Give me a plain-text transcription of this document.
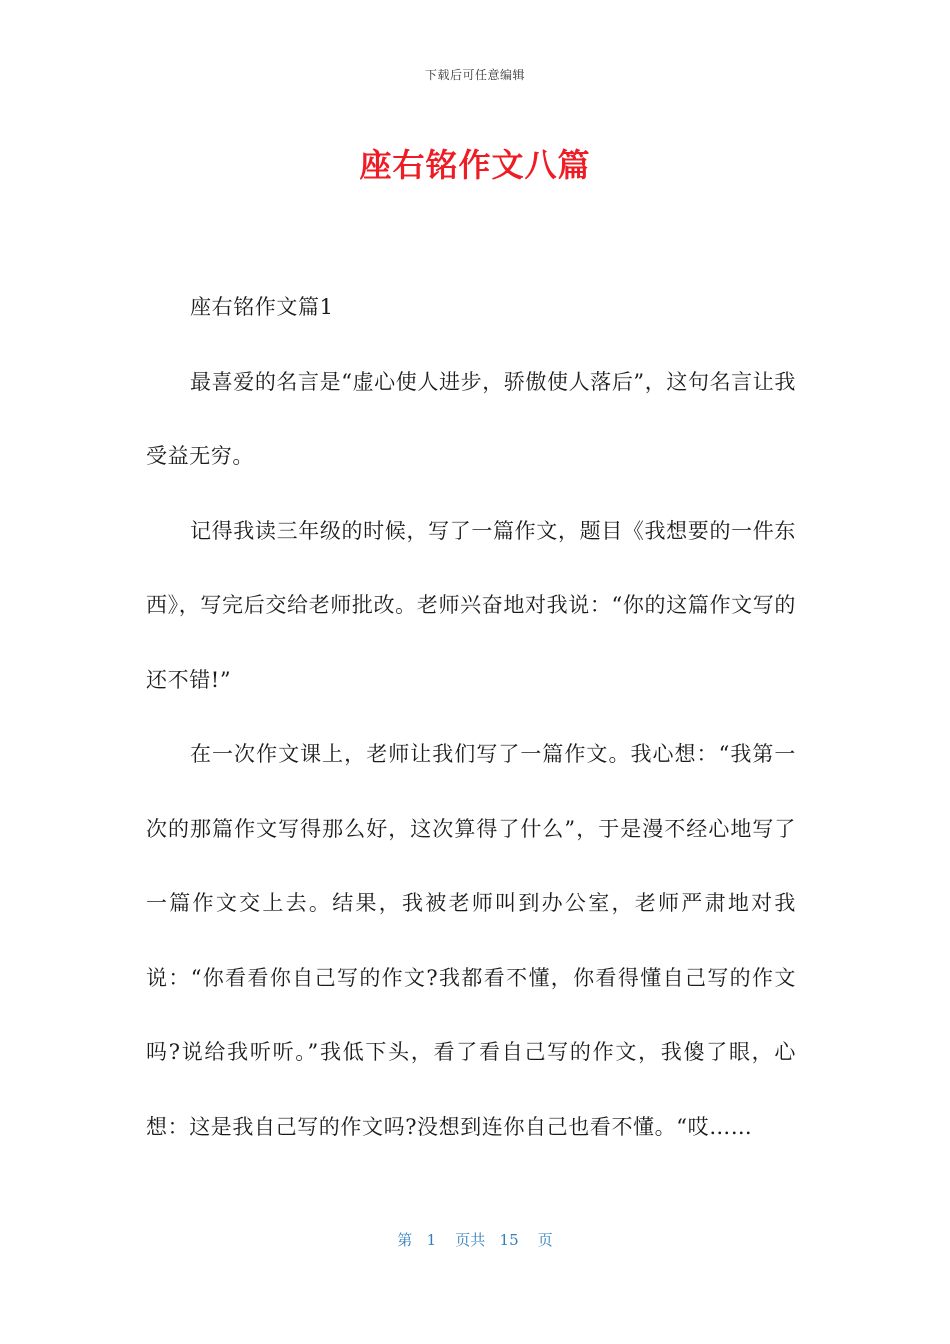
下载后可任意编辑
座右铭作文八篇

座右铭作文篇1

最喜爱的名言是“虚心使人进步，骄傲使人落后”，这句名言让我受益无穷。

记得我读三年级的时候，写了一篇作文，题目《我想要的一件东西》，写完后交给老师批改。老师兴奋地对我说：“你的这篇作文写的还不错!”

在一次作文课上，老师让我们写了一篇作文。我心想：“我第一次的那篇作文写得那么好，这次算得了什么”，于是漫不经心地写了一篇作文交上去。结果，我被老师叫到办公室，老师严肃地对我说：“你看看你自己写的作文?我都看不懂，你看得懂自己写的作文吗?说给我听听。”我低下头，看了看自己写的作文，我傻了眼，心想：这是我自己写的作文吗?没想到连你自己也看不懂。“哎……

第 1 页共 15 页
